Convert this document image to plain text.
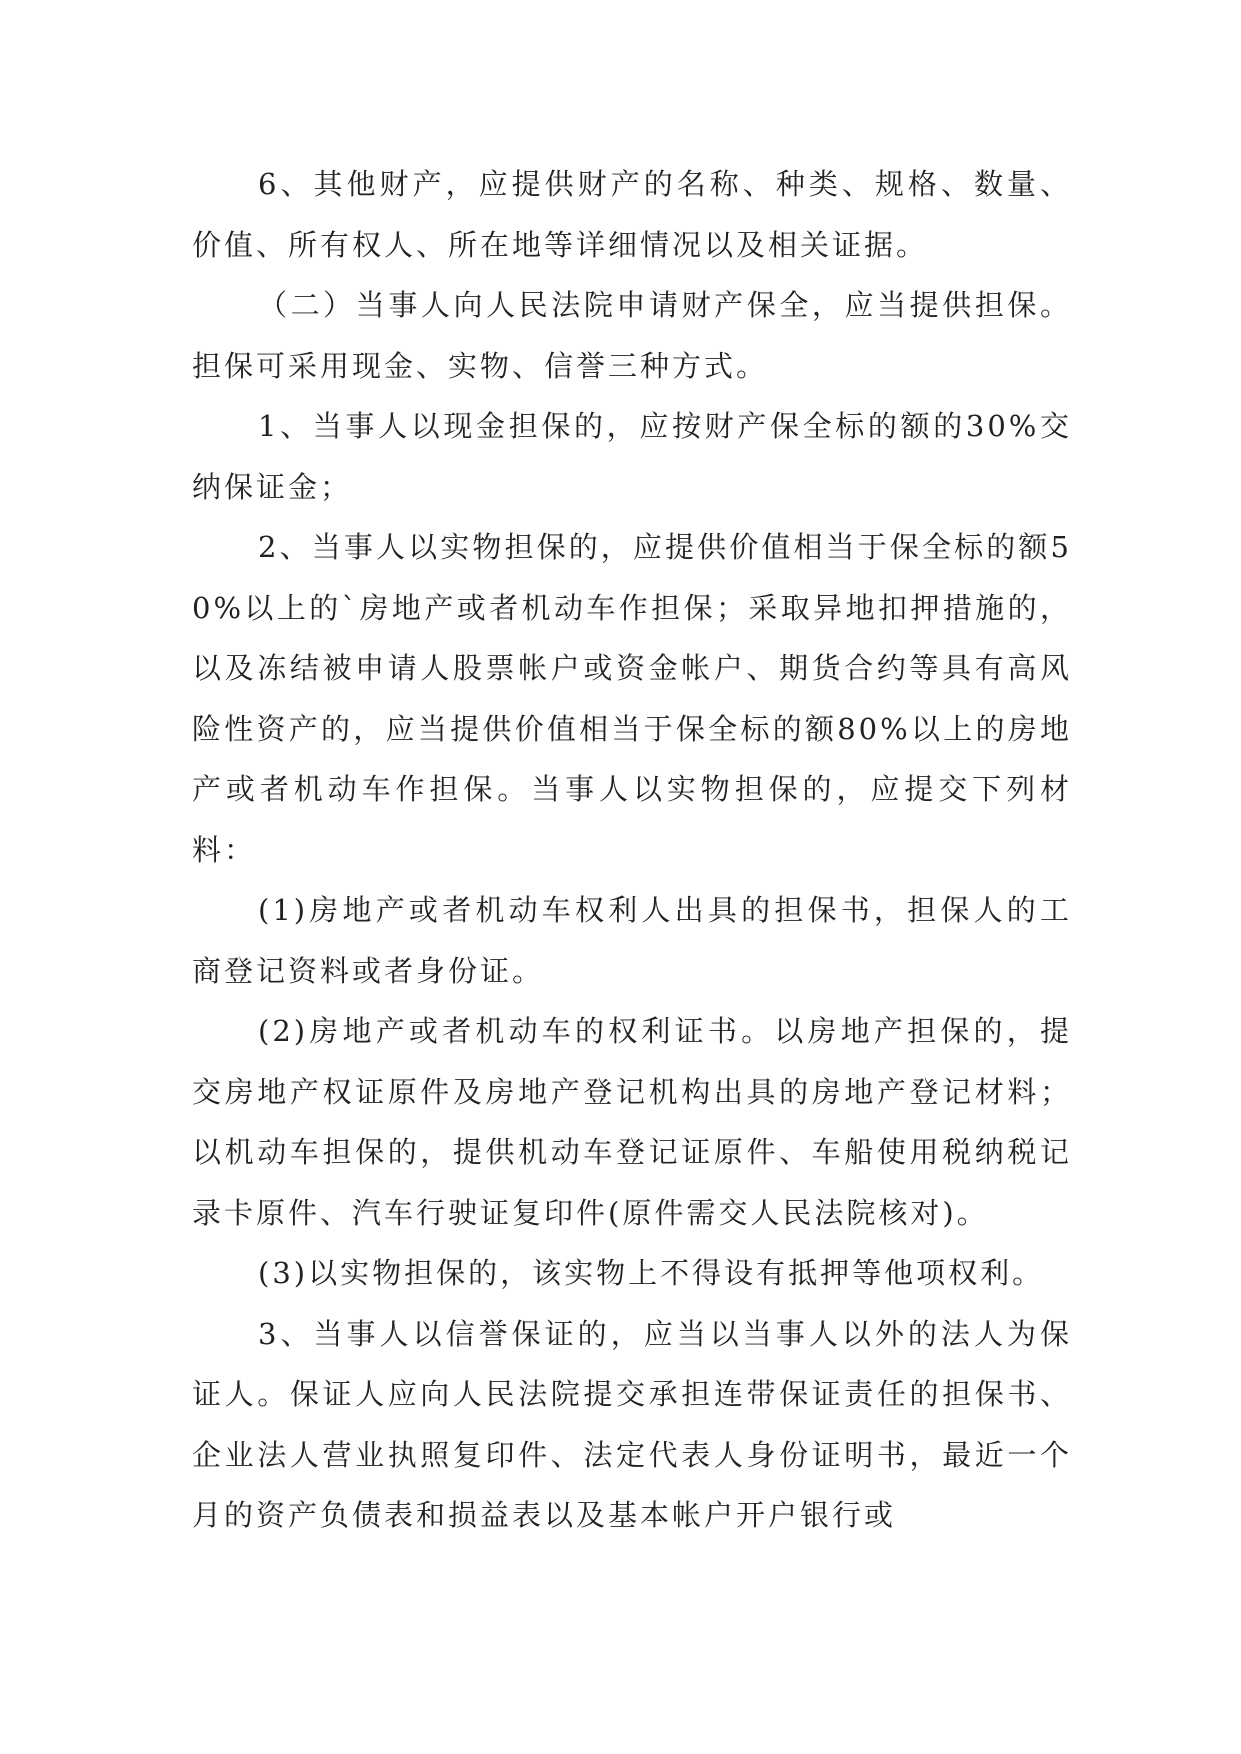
6、其他财产，应提供财产的名称、种类、规格、数量、价值、所有权人、所在地等详细情况以及相关证据。

（二）当事人向人民法院申请财产保全，应当提供担保。担保可采用现金、实物、信誉三种方式。

1、当事人以现金担保的，应按财产保全标的额的30%交纳保证金；

2、当事人以实物担保的，应提供价值相当于保全标的额50%以上的`房地产或者机动车作担保；采取异地扣押措施的，以及冻结被申请人股票帐户或资金帐户、期货合约等具有高风险性资产的，应当提供价值相当于保全标的额80%以上的房地产或者机动车作担保。当事人以实物担保的，应提交下列材料：

(1)房地产或者机动车权利人出具的担保书，担保人的工商登记资料或者身份证。

(2)房地产或者机动车的权利证书。以房地产担保的，提交房地产权证原件及房地产登记机构出具的房地产登记材料；以机动车担保的，提供机动车登记证原件、车船使用税纳税记录卡原件、汽车行驶证复印件(原件需交人民法院核对)。

(3)以实物担保的，该实物上不得设有抵押等他项权利。

3、当事人以信誉保证的，应当以当事人以外的法人为保证人。保证人应向人民法院提交承担连带保证责任的担保书、企业法人营业执照复印件、法定代表人身份证明书，最近一个月的资产负债表和损益表以及基本帐户开户银行或
